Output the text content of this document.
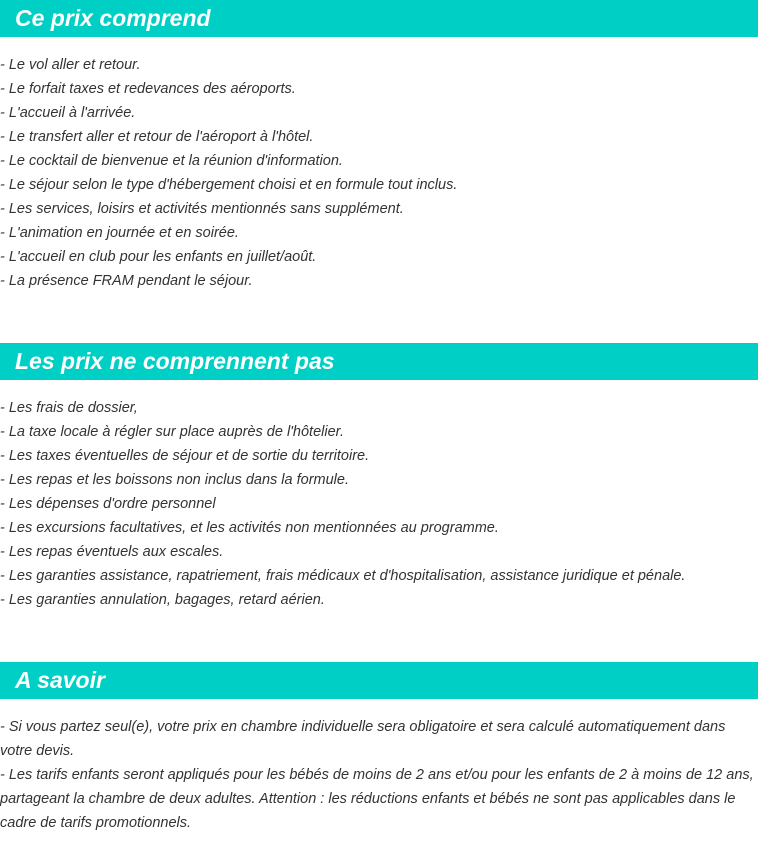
Ce prix comprend
- Le vol aller et retour.
- Le forfait taxes et redevances des aéroports.
- L'accueil à l'arrivée.
- Le transfert aller et retour de l'aéroport à l'hôtel.
- Le cocktail de bienvenue et la réunion d'information.
- Le séjour selon le type d'hébergement choisi et en formule tout inclus.
- Les services, loisirs et activités mentionnés sans supplément.
- L'animation en journée et en soirée.
- L'accueil en club pour les enfants en juillet/août.
- La présence FRAM pendant le séjour.
Les prix ne comprennent pas
- Les frais de dossier,
- La taxe locale à régler sur place auprès de l'hôtelier.
- Les taxes éventuelles de séjour et de sortie du territoire.
- Les repas et les boissons non inclus dans la formule.
- Les dépenses d'ordre personnel
- Les excursions facultatives, et les activités non mentionnées au programme.
- Les repas éventuels aux escales.
- Les garanties assistance, rapatriement, frais médicaux et d'hospitalisation, assistance juridique et pénale.
- Les garanties annulation, bagages, retard aérien.
A savoir
- Si vous partez seul(e), votre prix en chambre individuelle sera obligatoire et sera calculé automatiquement dans votre devis.
- Les tarifs enfants seront appliqués pour les bébés de moins de 2 ans et/ou pour les enfants de 2 à moins de 12 ans, partageant la chambre de deux adultes. Attention : les réductions enfants et bébés ne sont pas applicables dans le cadre de tarifs promotionnels.
